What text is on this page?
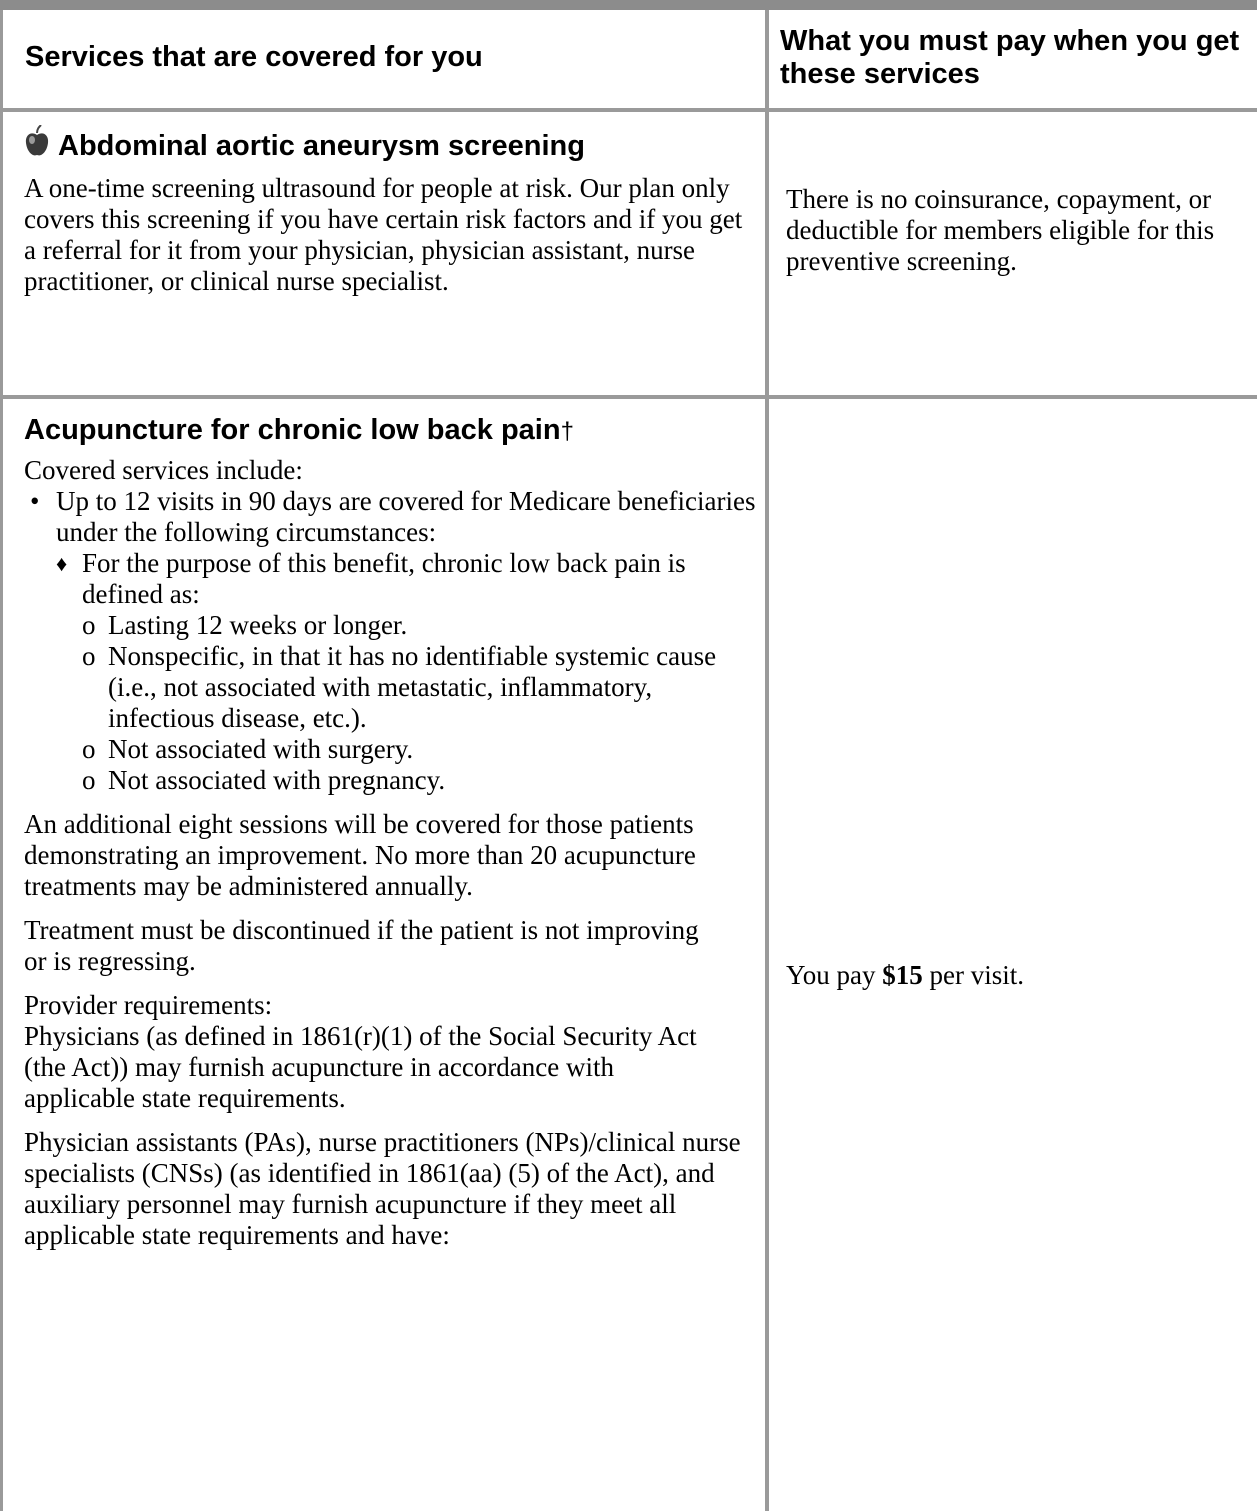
Services that are covered for you	What you must pay when you get these services

Abdominal aortic aneurysm screening

A one-time screening ultrasound for people at risk. Our plan only covers this screening if you have certain risk factors and if you get a referral for it from your physician, physician assistant, nurse practitioner, or clinical nurse specialist.

There is no coinsurance, copayment, or deductible for members eligible for this preventive screening.

Acupuncture for chronic low back pain†

Covered services include:

• Up to 12 visits in 90 days are covered for Medicare beneficiaries under the following circumstances:
♦ For the purpose of this benefit, chronic low back pain is defined as:
o Lasting 12 weeks or longer.
o Nonspecific, in that it has no identifiable systemic cause (i.e., not associated with metastatic, inflammatory, infectious disease, etc.).
o Not associated with surgery.
o Not associated with pregnancy.

An additional eight sessions will be covered for those patients demonstrating an improvement. No more than 20 acupuncture treatments may be administered annually.

Treatment must be discontinued if the patient is not improving or is regressing.

Provider requirements:

Physicians (as defined in 1861(r)(1) of the Social Security Act (the Act)) may furnish acupuncture in accordance with applicable state requirements.

Physician assistants (PAs), nurse practitioners (NPs)/clinical nurse specialists (CNSs) (as identified in 1861(aa) (5) of the Act), and auxiliary personnel may furnish acupuncture if they meet all applicable state requirements and have:

You pay $15 per visit.
